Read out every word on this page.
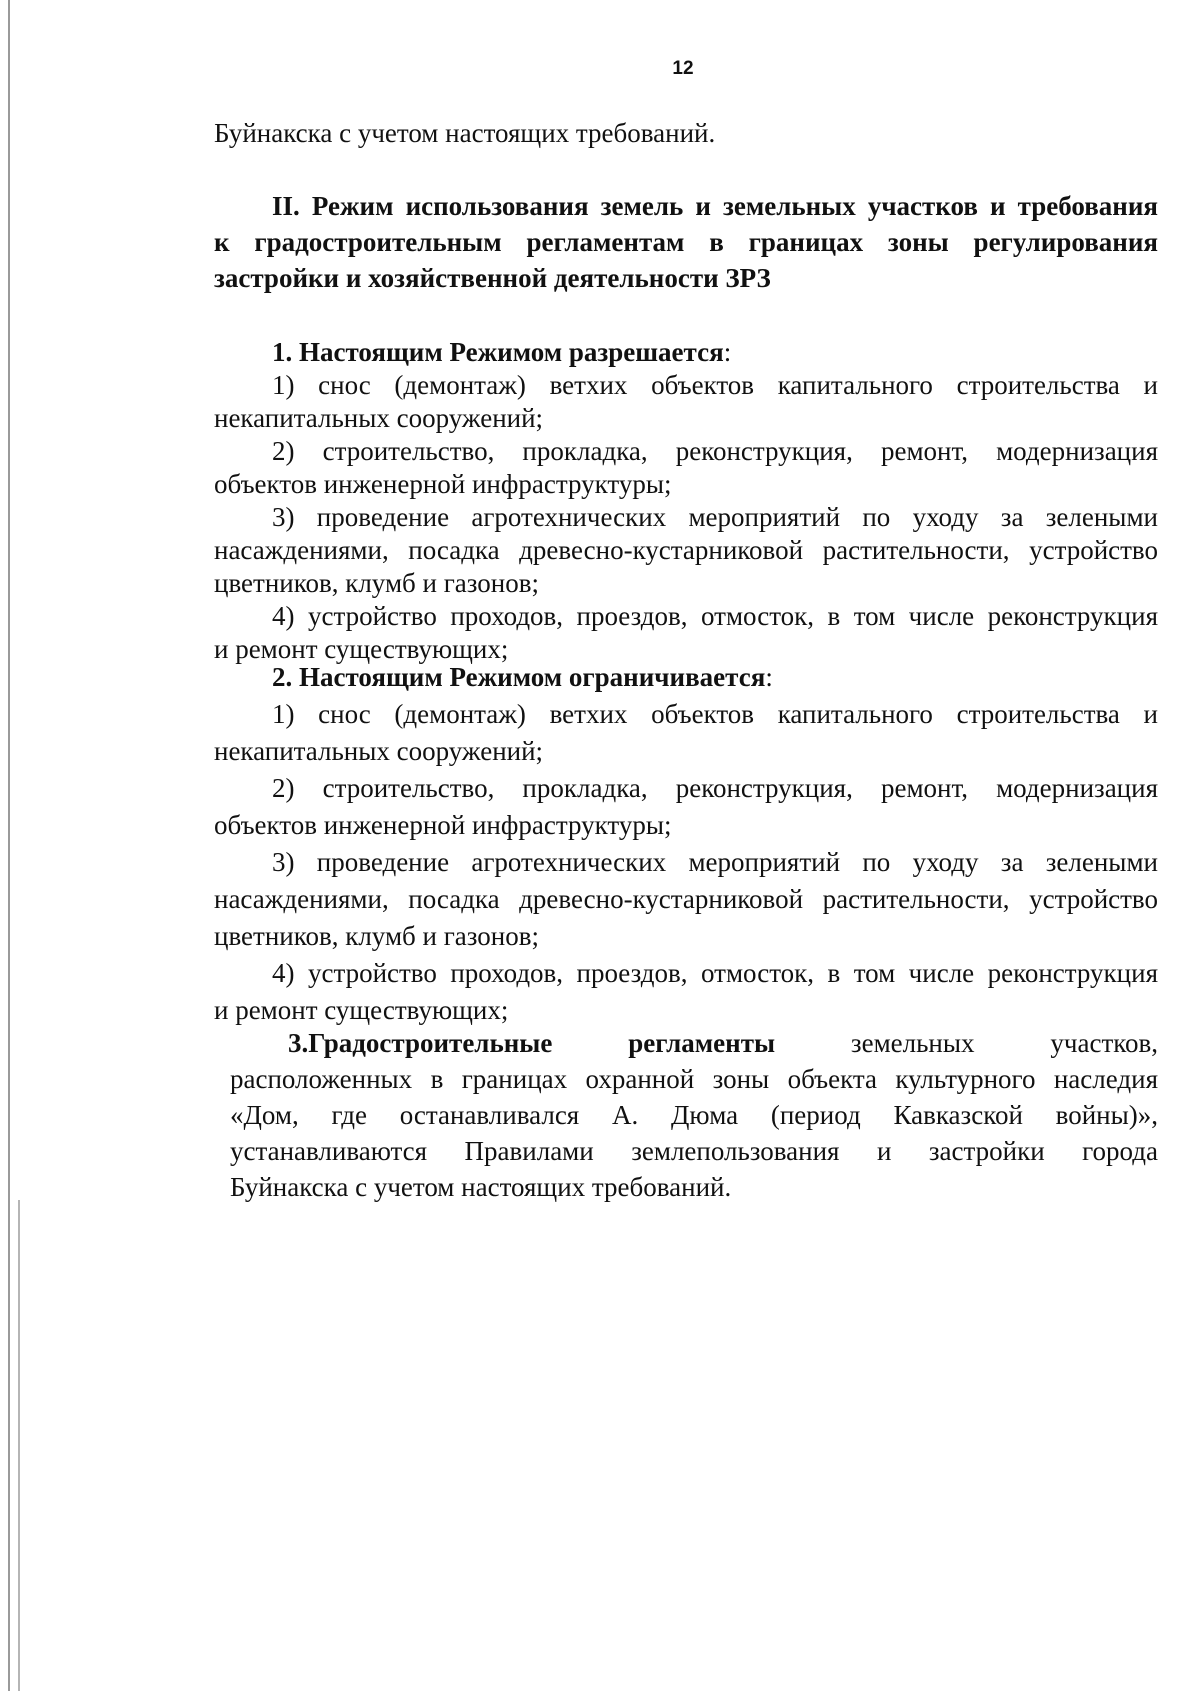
12
Буйнакска с учетом настоящих требований.
II. Режим использования земель и земельных участков и требования
к градостроительным регламентам в границах зоны регулирования
застройки и хозяйственной деятельности ЗРЗ
1. Настоящим Режимом разрешается:
1) снос (демонтаж) ветхих объектов капитального строительства и
некапитальных сооружений;
2) строительство, прокладка, реконструкция, ремонт, модернизация
объектов инженерной инфраструктуры;
3) проведение агротехнических мероприятий по уходу за зелеными
насаждениями, посадка древесно-кустарниковой растительности, устройство
цветников, клумб и газонов;
4) устройство проходов, проездов, отмосток, в том числе реконструкция
и ремонт существующих;
2. Настоящим Режимом ограничивается:
1) снос (демонтаж) ветхих объектов капитального строительства и
некапитальных сооружений;
2) строительство, прокладка, реконструкция, ремонт, модернизация
объектов инженерной инфраструктуры;
3) проведение агротехнических мероприятий по уходу за зелеными
насаждениями, посадка древесно-кустарниковой растительности, устройство
цветников, клумб и газонов;
4) устройство проходов, проездов, отмосток, в том числе реконструкция
и ремонт существующих;
3.Градостроительные регламенты земельных участков,
расположенных в границах охранной зоны объекта культурного наследия
«Дом, где останавливался А. Дюма (период Кавказской войны)»,
устанавливаются Правилами землепользования и застройки города
Буйнакска с учетом настоящих требований.
